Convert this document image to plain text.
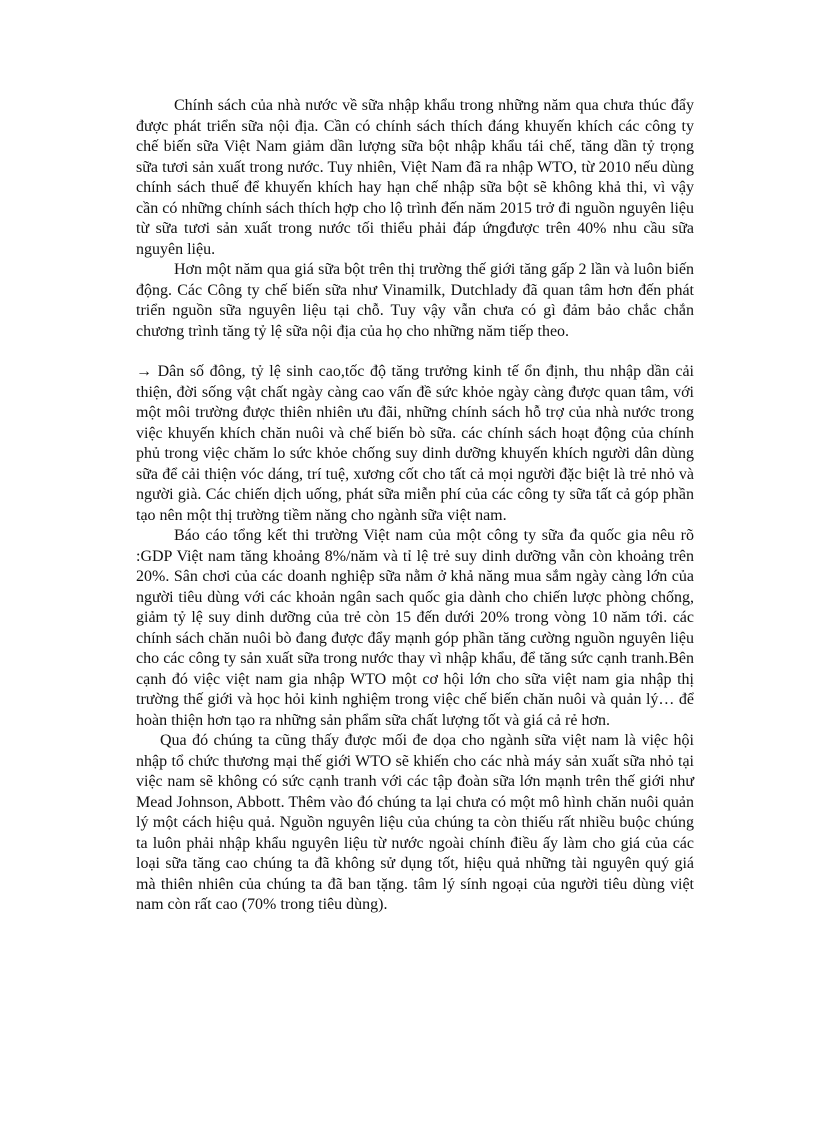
Chính sách của nhà nước về sữa nhập khẩu trong những năm qua chưa thúc đẩy được phát triển sữa nội địa. Cần có chính sách thích đáng khuyến khích các công ty chế biến sữa Việt Nam giảm dần lượng sữa bột nhập khẩu tái chế, tăng dần tỷ trọng sữa tươi sản xuất trong nước. Tuy nhiên, Việt Nam đã ra nhập WTO, từ 2010 nếu dùng chính sách thuế để khuyến khích hay hạn chế nhập sữa bột sẽ không khả thi, vì vậy cần có những chính sách thích hợp cho lộ trình đến năm 2015 trở đi nguồn nguyên liệu từ sữa tươi sản xuất trong nước tối thiểu phải đáp ứngđược trên 40% nhu cầu sữa nguyên liệu.

Hơn một năm qua giá sữa bột trên thị trường thế giới tăng gấp 2 lần và luôn biến động. Các Công ty chế biến sữa như Vinamilk, Dutchlady đã quan tâm hơn đến phát triển nguồn sữa nguyên liệu tại chỗ. Tuy vậy vẫn chưa có gì đảm bảo chắc chắn chương trình tăng tỷ lệ sữa nội địa của họ cho những năm tiếp theo.

→ Dân số đông, tỷ lệ sinh cao,tốc độ tăng trưởng kinh tế ổn định, thu nhập dần cải thiện, đời sống vật chất ngày càng cao vấn đề sức khỏe ngày càng được quan tâm, với một môi trường được thiên nhiên ưu đãi, những chính sách hỗ trợ của nhà nước trong việc khuyến khích chăn nuôi và chế biến bò sữa. các chính sách hoạt động của chính phủ trong việc chăm lo sức khỏe chống suy dinh dưỡng khuyến khích người dân dùng sữa để cải thiện vóc dáng, trí tuệ, xương cốt cho tất cả mọi người đặc biệt là trẻ nhỏ và người già. Các chiến dịch uống, phát sữa miễn phí của các công ty sữa tất cả góp phần tạo nên một thị trường tiềm năng cho ngành sữa việt nam.

Báo cáo tổng kết thi trường Việt nam của một công ty sữa đa quốc gia nêu rõ :GDP Việt nam tăng khoảng 8%/năm và tỉ lệ trẻ suy dinh dưỡng vẫn còn khoảng trên 20%. Sân chơi của các doanh nghiệp sữa nằm ở khả năng mua sắm ngày càng lớn của người tiêu dùng với các khoản ngân sach quốc gia dành cho chiến lược phòng chống, giảm tỷ lệ suy dinh dưỡng của trẻ còn 15 đến dưới 20% trong vòng 10 năm tới. các chính sách chăn nuôi bò đang được đẩy mạnh góp phần tăng cường nguồn nguyên liệu cho các công ty sản xuất sữa trong nước thay vì nhập khẩu, để tăng sức cạnh tranh.Bên cạnh đó việc việt nam gia nhập WTO một cơ hội lớn cho sữa việt nam gia nhập thị trường thế giới và học hỏi kinh nghiệm trong việc chế biến chăn nuôi và quản lý… để hoàn thiện hơn tạo ra những sản phẩm sữa chất lượng tốt và giá cả rẻ hơn.

Qua đó chúng ta cũng thấy được mối đe dọa cho ngành sữa việt nam là việc hội nhập tổ chức thương mại thế giới WTO sẽ khiến cho các nhà máy sản xuất sữa nhỏ tại việc nam sẽ không có sức cạnh tranh với các tập đoàn sữa lớn mạnh trên thế giới như Mead Johnson, Abbott. Thêm vào đó chúng ta lại chưa có một mô hình chăn nuôi quản lý một cách hiệu quả. Nguồn nguyên liệu của chúng ta còn thiếu rất nhiều buộc chúng ta luôn phải nhập khẩu nguyên liệu từ nước ngoài chính điều ấy làm cho giá của các loại sữa tăng cao chúng ta đã không sử dụng tốt, hiệu quả những tài nguyên quý giá mà thiên nhiên của chúng ta đã ban tặng. tâm lý sính ngoại của người tiêu dùng việt nam còn rất cao (70% trong tiêu dùng).
